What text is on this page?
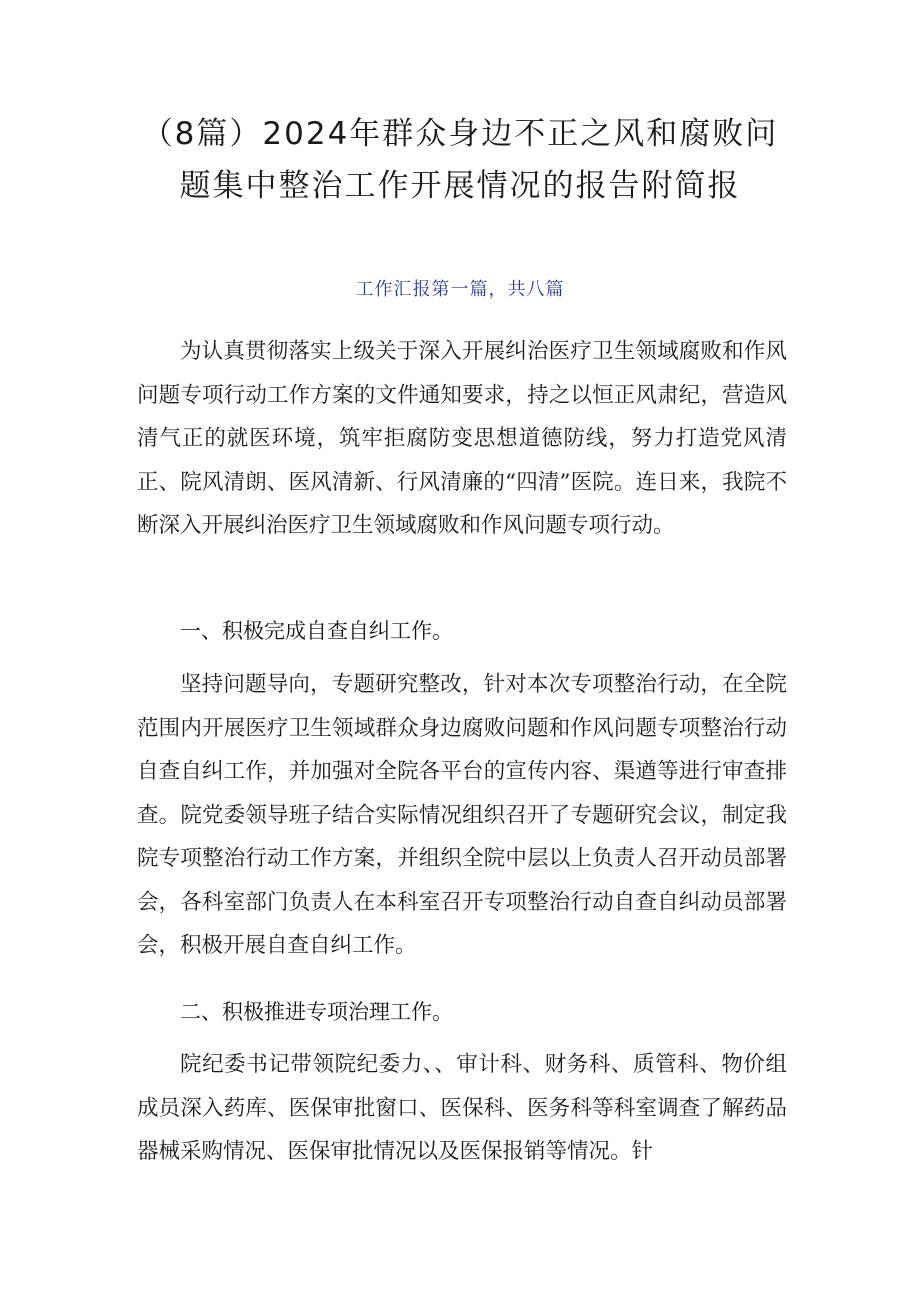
（8篇）2024年群众身边不正之风和腐败问
题集中整治工作开展情况的报告附简报
工作汇报第一篇，共八篇

为认真贯彻落实上级关于深入开展纠治医疗卫生领域腐败和作风问题专项行动工作方案的文件通知要求，持之以恒正风肃纪，营造风清气正的就医环境，筑牢拒腐防变思想道德防线，努力打造党风清正、院风清朗、医风清新、行风清廉的“四清”医院。连日来，我院不断深入开展纠治医疗卫生领域腐败和作风问题专项行动。

一、积极完成自查自纠工作。

坚持问题导向，专题研究整改，针对本次专项整治行动，在全院范围内开展医疗卫生领域群众身边腐败问题和作风问题专项整治行动自查自纠工作，并加强对全院各平台的宣传内容、渠遒等进行审查排查。院党委领导班子结合实际情况组织召开了专题研究会议，制定我院专项整治行动工作方案，并组织全院中层以上负责人召开动员部署会，各科室部门负责人在本科室召开专项整治行动自查自纠动员部署会，积极开展自查自纠工作。

二、积极推进专项治理工作。

院纪委书记带领院纪委力、、审计科、财务科、质管科、物价组成员深入药库、医保审批窗口、医保科、医务科等科室调查了解药品器械采购情况、医保审批情况以及医保报销等情况。针
